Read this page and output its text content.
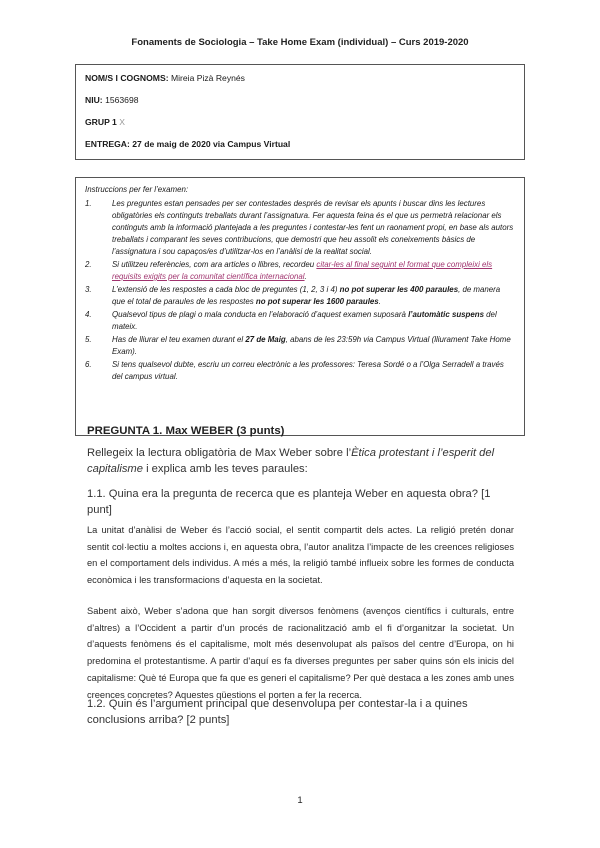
Fonaments de Sociologia – Take Home Exam (individual) – Curs 2019-2020
NOM/S I COGNOMS: Mireia Pizà Reynés
NIU: 1563698
GRUP 1 X
ENTREGA: 27 de maig de 2020 via Campus Virtual
Instruccions per fer l’examen:
1.	Les preguntes estan pensades per ser contestades després de revisar els apunts i buscar dins les lectures obligatòries els continguts treballats durant l’assignatura. Fer aquesta feina és el que us permetrà relacionar els continguts amb la informació plantejada a les preguntes i contestar-les fent un raonament propi, en base als autors treballats i comparant les seves contribucions, que demostri que heu assolit els coneixements bàsics de l’assignatura i sou capaços/es d’utilitzar-los en l’anàlisi de la realitat social.
2.	Si utilitzeu referències, com ara articles o llibres, recordeu citar-les al final seguint el format que compleixi els requisits exigits per la comunitat científica internacional.
3.	L’extensió de les respostes a cada bloc de preguntes (1, 2, 3 i 4) no pot superar les 400 paraules, de manera que el total de paraules de les respostes no pot superar les 1600 paraules.
4.	Qualsevol tipus de plagi o mala conducta en l’elaboració d’aquest examen suposarà l’automàtic suspens del mateix.
5.	Has de lliurar el teu examen durant el 27 de Maig, abans de les 23:59h via Campus Virtual (lliurament Take Home Exam).
6.	Si tens qualsevol dubte, escriu un correu electrònic a les professores: Teresa Sordé o a l’Olga Serradell a través del campus virtual.
PREGUNTA 1. Max WEBER (3 punts)
Rellegeix la lectura obligatòria de Max Weber sobre l’Ètica protestant i l’esperit del capitalisme i explica amb les teves paraules:
1.1. Quina era la pregunta de recerca que es planteja Weber en aquesta obra? [1 punt]
La unitat d’anàlisi de Weber és l’acció social, el sentit compartit dels actes. La religió pretén donar sentit col·lectiu a moltes accions i, en aquesta obra, l’autor analitza l’impacte de les creences religioses en el comportament dels individus. A més a més, la religió també influeix sobre les formes de conducta econòmica i les transformacions d’aquesta en la societat.
Sabent això, Weber s’adona que han sorgit diversos fenòmens (avenços científics i culturals, entre d’altres) a l’Occident a partir d’un procés de racionalització amb el fi d’organitzar la societat. Un d’aquests fenòmens és el capitalisme, molt més desenvolupat als països del centre d’Europa, on hi predomina el protestantisme. A partir d’aquí es fa diverses preguntes per saber quins són els inicis del capitalisme: Què té Europa que fa que es generi el capitalisme? Per què destaca a les zones amb unes creences concretes? Aquestes qüestions el porten a fer la recerca.
1.2. Quin és l’argument principal que desenvolupa per contestar-la i a quines conclusions arriba? [2 punts]
1
